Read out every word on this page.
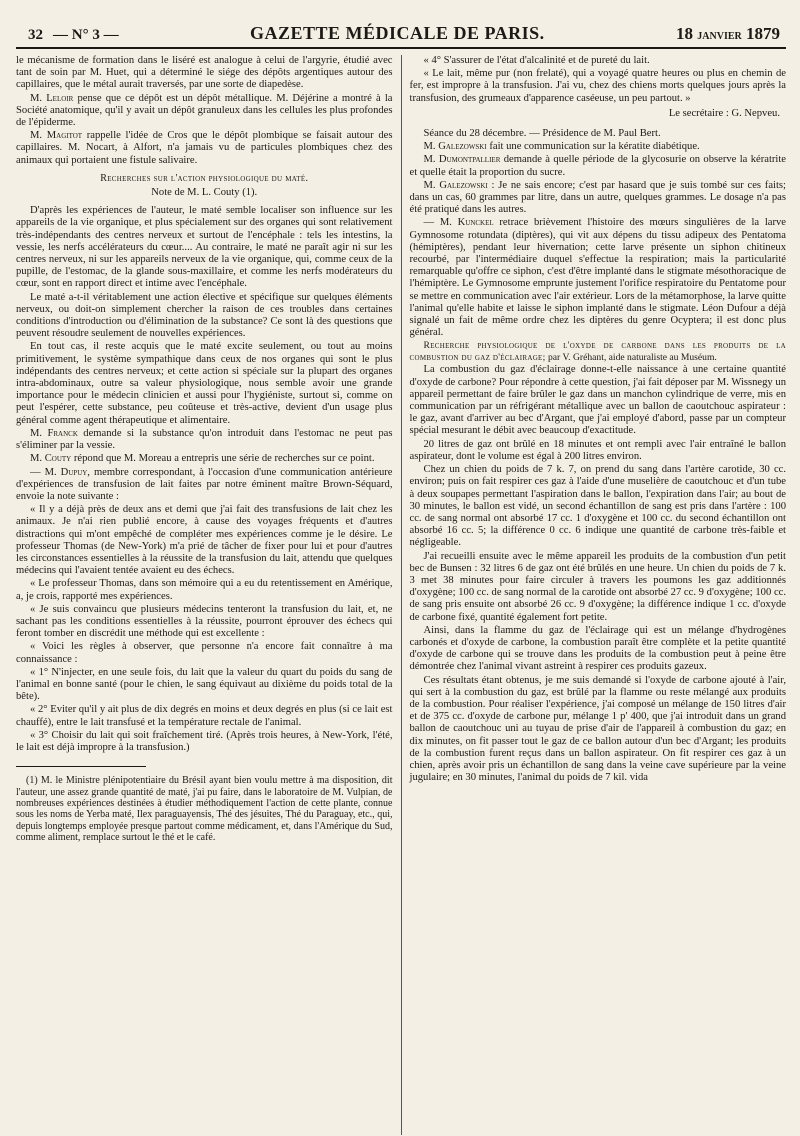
32 — N° 3 —	GAZETTE MÉDICALE DE PARIS.	18 janvier 1879

le mécanisme de formation dans le liséré est analogue à celui de l'argyrie, étudié avec tant de soin par M. Huet, qui a déterminé le siége des dépôts argentiques autour des capillaires, que le métal aurait traversés, par une sorte de diapedèse.

M. Leloir pense que ce dépôt est un dépôt métallique. M. Déjérine a montré à la Société anatomique, qu'il y avait un dépôt granuleux dans les cellules les plus profondes de l'épiderme.

M. Magitot rappelle l'idée de Cros que le dépôt plombique se faisait autour des capillaires. M. Nocart, à Alfort, n'a jamais vu de particules plombiques chez des animaux qui portaient une fistule salivaire.

Recherches sur l'action physiologique du maté.
Note de M. L. Couty (1).

D'après les expériences de l'auteur, le maté semble localiser son influence sur les appareils de la vie organique, et plus spécialement sur des organes qui sont relativement très-indépendants des centres nerveux et surtout de l'encéphale : tels les intestins, la vessie, les nerfs accélérateurs du cœur.... Au contraire, le maté ne paraît agir ni sur les centres nerveux, ni sur les appareils nerveux de la vie organique, qui, comme ceux de la pupille, de l'estomac, de la glande sous-maxillaire, et comme les nerfs modérateurs du cœur, sont en rapport direct et intime avec l'encéphale.

Le maté a-t-il véritablement une action élective et spécifique sur quelques éléments nerveux, ou doit-on simplement chercher la raison de ces troubles dans certaines conditions d'introduction ou d'élimination de la substance? Ce sont là des questions que peuvent résoudre seulement de nouvelles expériences.

En tout cas, il reste acquis que le maté excite seulement, ou tout au moins primitivement, le système sympathique dans ceux de nos organes qui sont le plus indépendants des centres nerveux; et cette action si spéciale sur la plupart des organes intra-abdominaux, outre sa valeur physiologique, nous semble avoir une grande importance pour le médecin clinicien et aussi pour l'hygiéniste, surtout si, comme on peut l'espérer, cette substance, peu coûteuse et très-active, devient d'un usage plus général comme agent thérapeutique et alimentaire.

M. Franck demande si la substance qu'on introduit dans l'estomac ne peut pas s'éliminer par la vessie.

M. Couty répond que M. Moreau a entrepris une série de recherches sur ce point.

— M. Dupuy, membre correspondant, à l'occasion d'une communication antérieure d'expériences de transfusion de lait faites par notre éminent maître Brown-Séquard, envoie la note suivante :

« Il y a déjà près de deux ans et demi que j'ai fait des transfusions de lait chez les animaux. Je n'ai rien publié encore, à cause des voyages fréquents et d'autres distractions qui m'ont empêché de compléter mes expériences comme je le désire. Le professeur Thomas (de New-York) m'a prié de tâcher de fixer pour lui et pour d'autres les circonstances essentielles à la réussite de la transfusion du lait, attendu que quelques médecins qui l'avaient tentée avaient eu des échecs.

« Le professeur Thomas, dans son mémoire qui a eu du retentissement en Amérique, a, je crois, rapporté mes expériences.

« Je suis convaincu que plusieurs médecins tenteront la transfusion du lait, et, ne sachant pas les conditions essentielles à la réussite, pourront éprouver des échecs qui feront tomber en discrédit une méthode qui est excellente :

« Voici les règles à observer, que personne n'a encore fait connaître à ma connaissance :

« 1° N'injecter, en une seule fois, du lait que la valeur du quart du poids du sang de l'animal en bonne santé (pour le chien, le sang équivaut au dixième du poids total de la bête).

« 2° Eviter qu'il y ait plus de dix degrés en moins et deux degrés en plus (si ce lait est chauffé), entre le lait transfusé et la température rectale de l'animal.

« 3° Choisir du lait qui soit fraîchement tiré. (Après trois heures, à New-York, l'été, le lait est déjà impropre à la transfusion.)

(1) M. le Ministre plénipotentiaire du Brésil ayant bien voulu mettre à ma disposition, dit l'auteur, une assez grande quantité de maté, j'ai pu faire, dans le laboratoire de M. Vulpian, de nombreuses expériences destinées à étudier méthodiquement l'action de cette plante, connue sous les noms de Yerba maté, Ilex paraguayensis, Thé des jésuites, Thé du Paraguay, etc., qui, depuis longtemps employée presque partout comme médicament, et, dans l'Amérique du Sud, comme aliment, remplace surtout le thé et le café.

« 4° S'assurer de l'état d'alcalinité et de pureté du lait.

« Le lait, même pur (non frelaté), qui a voyagé quatre heures ou plus en chemin de fer, est impropre à la transfusion. J'ai vu, chez des chiens morts quelques jours après la transfusion, des grumeaux d'apparence caséeuse, un peu partout. »

Le secrétaire : G. Nepveu.

Séance du 28 décembre. — Présidence de M. Paul Bert.

M. Galezowski fait une communication sur la kératite diabétique.

M. Dumontpallier demande à quelle période de la glycosurie on observe la kératrite et quelle était la proportion du sucre.

M. Galezowski : Je ne sais encore; c'est par hasard que je suis tombé sur ces faits; dans un cas, 60 grammes par litre, dans un autre, quelques grammes. Le dosage n'a pas été pratiqué dans les autres.

— M. Kunckel retrace brièvement l'histoire des mœurs singulières de la larve Gymnosome rotundata (diptères), qui vit aux dépens du tissu adipeux des Pentatoma (hémiptères), pendant leur hivernation; cette larve présente un siphon chitineux recourbé, par l'intermédiaire duquel s'effectue la respiration; mais la particularité remarquable qu'offre ce siphon, c'est d'être implanté dans le stigmate mésothoracique de l'hémiptère. Le Gymnosome emprunte justement l'orifice respiratoire du Pentatome pour se mettre en communication avec l'air extérieur. Lors de la métamorphose, la larve quitte l'animal qu'elle habite et laisse le siphon implanté dans le stigmate. Léon Dufour a déjà signalé un fait de même ordre chez les diptères du genre Ocyptera; il est donc plus général.

Recherche physiologique de l'oxyde de carbone dans les produits de la combustion du gaz d'éclairage; par V. Gréhant, aide naturaliste au Muséum.

La combustion du gaz d'éclairage donne-t-elle naissance à une certaine quantité d'oxyde de carbone? Pour répondre à cette question, j'ai fait déposer par M. Wissnegy un appareil permettant de faire brûler le gaz dans un manchon cylindrique de verre, mis en communication par un réfrigérant métallique avec un ballon de caoutchouc aspirateur : le gaz, avant d'arriver au bec d'Argant, que j'ai employé d'abord, passe par un compteur spécial mesurant le débit avec beaucoup d'exactitude.

20 litres de gaz ont brûlé en 18 minutes et ont rempli avec l'air entraîné le ballon aspirateur, dont le volume est égal à 200 litres environ.

Chez un chien du poids de 7 k. 7, on prend du sang dans l'artère carotide, 30 cc. environ; puis on fait respirer ces gaz à l'aide d'une muselière de caoutchouc et d'un tube à deux soupapes permettant l'aspiration dans le ballon, l'expiration dans l'air; au bout de 30 minutes, le ballon est vidé, un second échantillon de sang est pris dans l'artère : 100 cc. de sang normal ont absorbé 17 cc. 1 d'oxygène et 100 cc. du second échantillon ont absorbé 16 cc. 5; la différence 0 cc. 6 indique une quantité de carbone très-faible et négligeable.

J'ai recueilli ensuite avec le même appareil les produits de la combustion d'un petit bec de Bunsen : 32 litres 6 de gaz ont été brûlés en une heure. Un chien du poids de 7 k. 3 met 38 minutes pour faire circuler à travers les poumons les gaz additionnés d'oxygène; 100 cc. de sang normal de la carotide ont absorbé 27 cc. 9 d'oxygène; 100 cc. de sang pris ensuite ont absorbé 26 cc. 9 d'oxygène; la différence indique 1 cc. d'oxyde de carbone fixé, quantité également fort petite.

Ainsi, dans la flamme du gaz de l'éclairage qui est un mélange d'hydrogènes carbonés et d'oxyde de carbone, la combustion paraît être complète et la petite quantité d'oxyde de carbone qui se trouve dans les produits de la combustion peut à peine être démontrée chez l'animal vivant astreint à respirer ces produits gazeux.

Ces résultats étant obtenus, je me suis demandé si l'oxyde de carbone ajouté à l'air, qui sert à la combustion du gaz, est brûlé par la flamme ou reste mélangé aux produits de la combustion. Pour réaliser l'expérience, j'ai composé un mélange de 150 litres d'air et de 375 cc. d'oxyde de carbone pur, mélange 1 p' 400, que j'ai introduit dans un grand ballon de caoutchouc uni au tuyau de prise d'air de l'appareil à combustion du gaz; en dix minutes, on fit passer tout le gaz de ce ballon autour d'un bec d'Argant; les produits de la combustion furent reçus dans un ballon aspirateur. On fit respirer ces gaz à un chien, après avoir pris un échantillon de sang dans la veine cave supérieure par la veine jugulaire; en 30 minutes, l'animal du poids de 7 kil. vida
